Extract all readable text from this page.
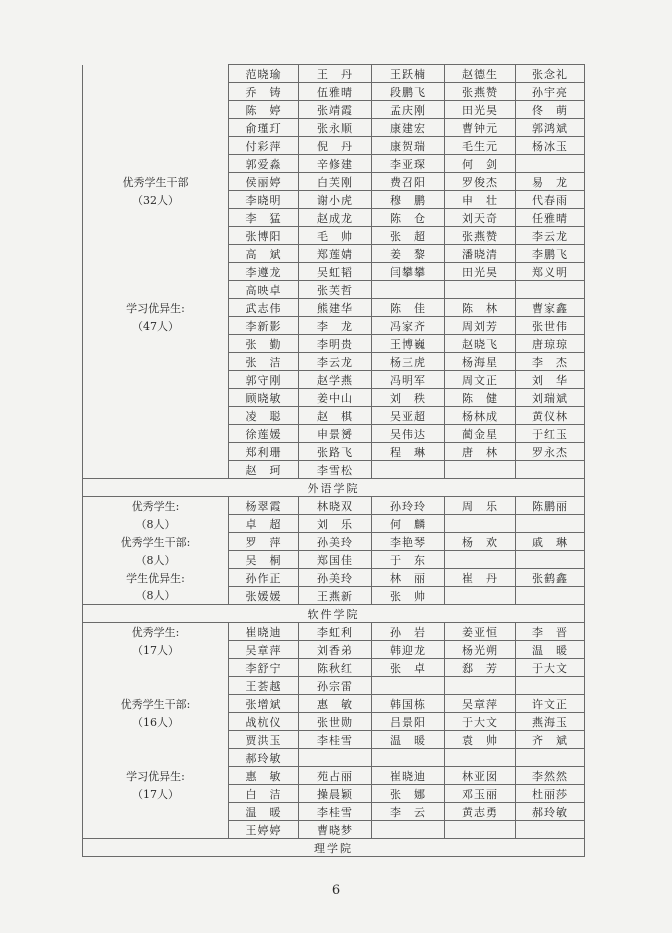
	范晓瑜	王　丹	王跃楠	赵德生	张念礼
	乔　铸	伍雅晴	段鹏飞	张燕赞	孙宇亮
	陈　婷	张靖霞	孟庆刚	田光昊	佟　萌
	俞瑾玎	张永顺	康建宏	曹钟元	郭鸿斌
	付彩萍	倪　丹	康贺瑞	毛生元	杨冰玉
	郭爱淼	辛修建	李亚琛	何　剑	
优秀学生干部	侯丽婷	白芙刚	费召阳	罗俊杰	易　龙
（32人）	李晓明	谢小虎	穆　鹏	申　壮	代春雨
	李　猛	赵成龙	陈　仓	刘天奇	任雅晴
	张博阳	毛　帅	张　超	张燕赞	李云龙
	高　斌	郑莲婧	姜　黎	潘晓清	李鹏飞
	李遵龙	吴虹韬	闫攀攀	田光昊	郑义明
	高映卓	张芙哲			
学习优异生:	武志伟	熊建华	陈　佳	陈　林	曹家鑫
（47人）	李新影	李　龙	冯家齐	周刘芳	张世伟
	张　勤	李明贵	王博巍	赵晓飞	唐琼琼
	张　洁	李云龙	杨三虎	杨海星	李　杰
	郭守刚	赵学燕	冯明军	周文正	刘　华
	顾晓敏	姜中山	刘　秩	陈　健	刘瑞斌
	凌　聪	赵　棋	吴亚超	杨林成	黄仪林
	徐莲媛	申景赟	吴伟达	蔺金星	于红玉
	郑利珊	张路飞	程　琳	唐　林	罗永杰
	赵　珂	李雪松			
外语学院					
优秀学生:	杨翠霞	林晓双	孙玲玲	周　乐	陈鹏丽
（8人）	卓　超	刘　乐	何　麟		
优秀学生干部:	罗　萍	孙美玲	李艳琴	杨　欢	戚　琳
（8人）	吴　桐	郑国佳	于　东		
学生优异生:	孙作正	孙美玲	林　丽	崔　丹	张鹤鑫
（8人）	张媛媛	王燕新	张　帅		
软件学院					
优秀学生:	崔晓迪	李虹利	孙　岩	姜亚恒	李　晋
（17人）	吴章萍	刘香弟	韩迎龙	杨光朔	温　暖
	李舒宁	陈秋红	张　卓	郄　芳	于大文
	王荟越	孙宗雷			
优秀学生干部:	张增斌	惠　敏	韩国栋	吴章萍	许文正
（16人）	战杭仪	张世勋	吕景阳	于大文	燕海玉
	贾洪玉	李桂雪	温　暖	袁　帅	齐　斌
	郝玲敏				
学习优异生:	惠　敏	苑占丽	崔晓迪	林亚囡	李然然
（17人）	白　洁	操晨颖	张　娜	邓玉丽	杜丽莎
	温　暖	李桂雪	李　云	黄志勇	郝玲敏
	王婷婷	曹晓梦			
理学院					
6
